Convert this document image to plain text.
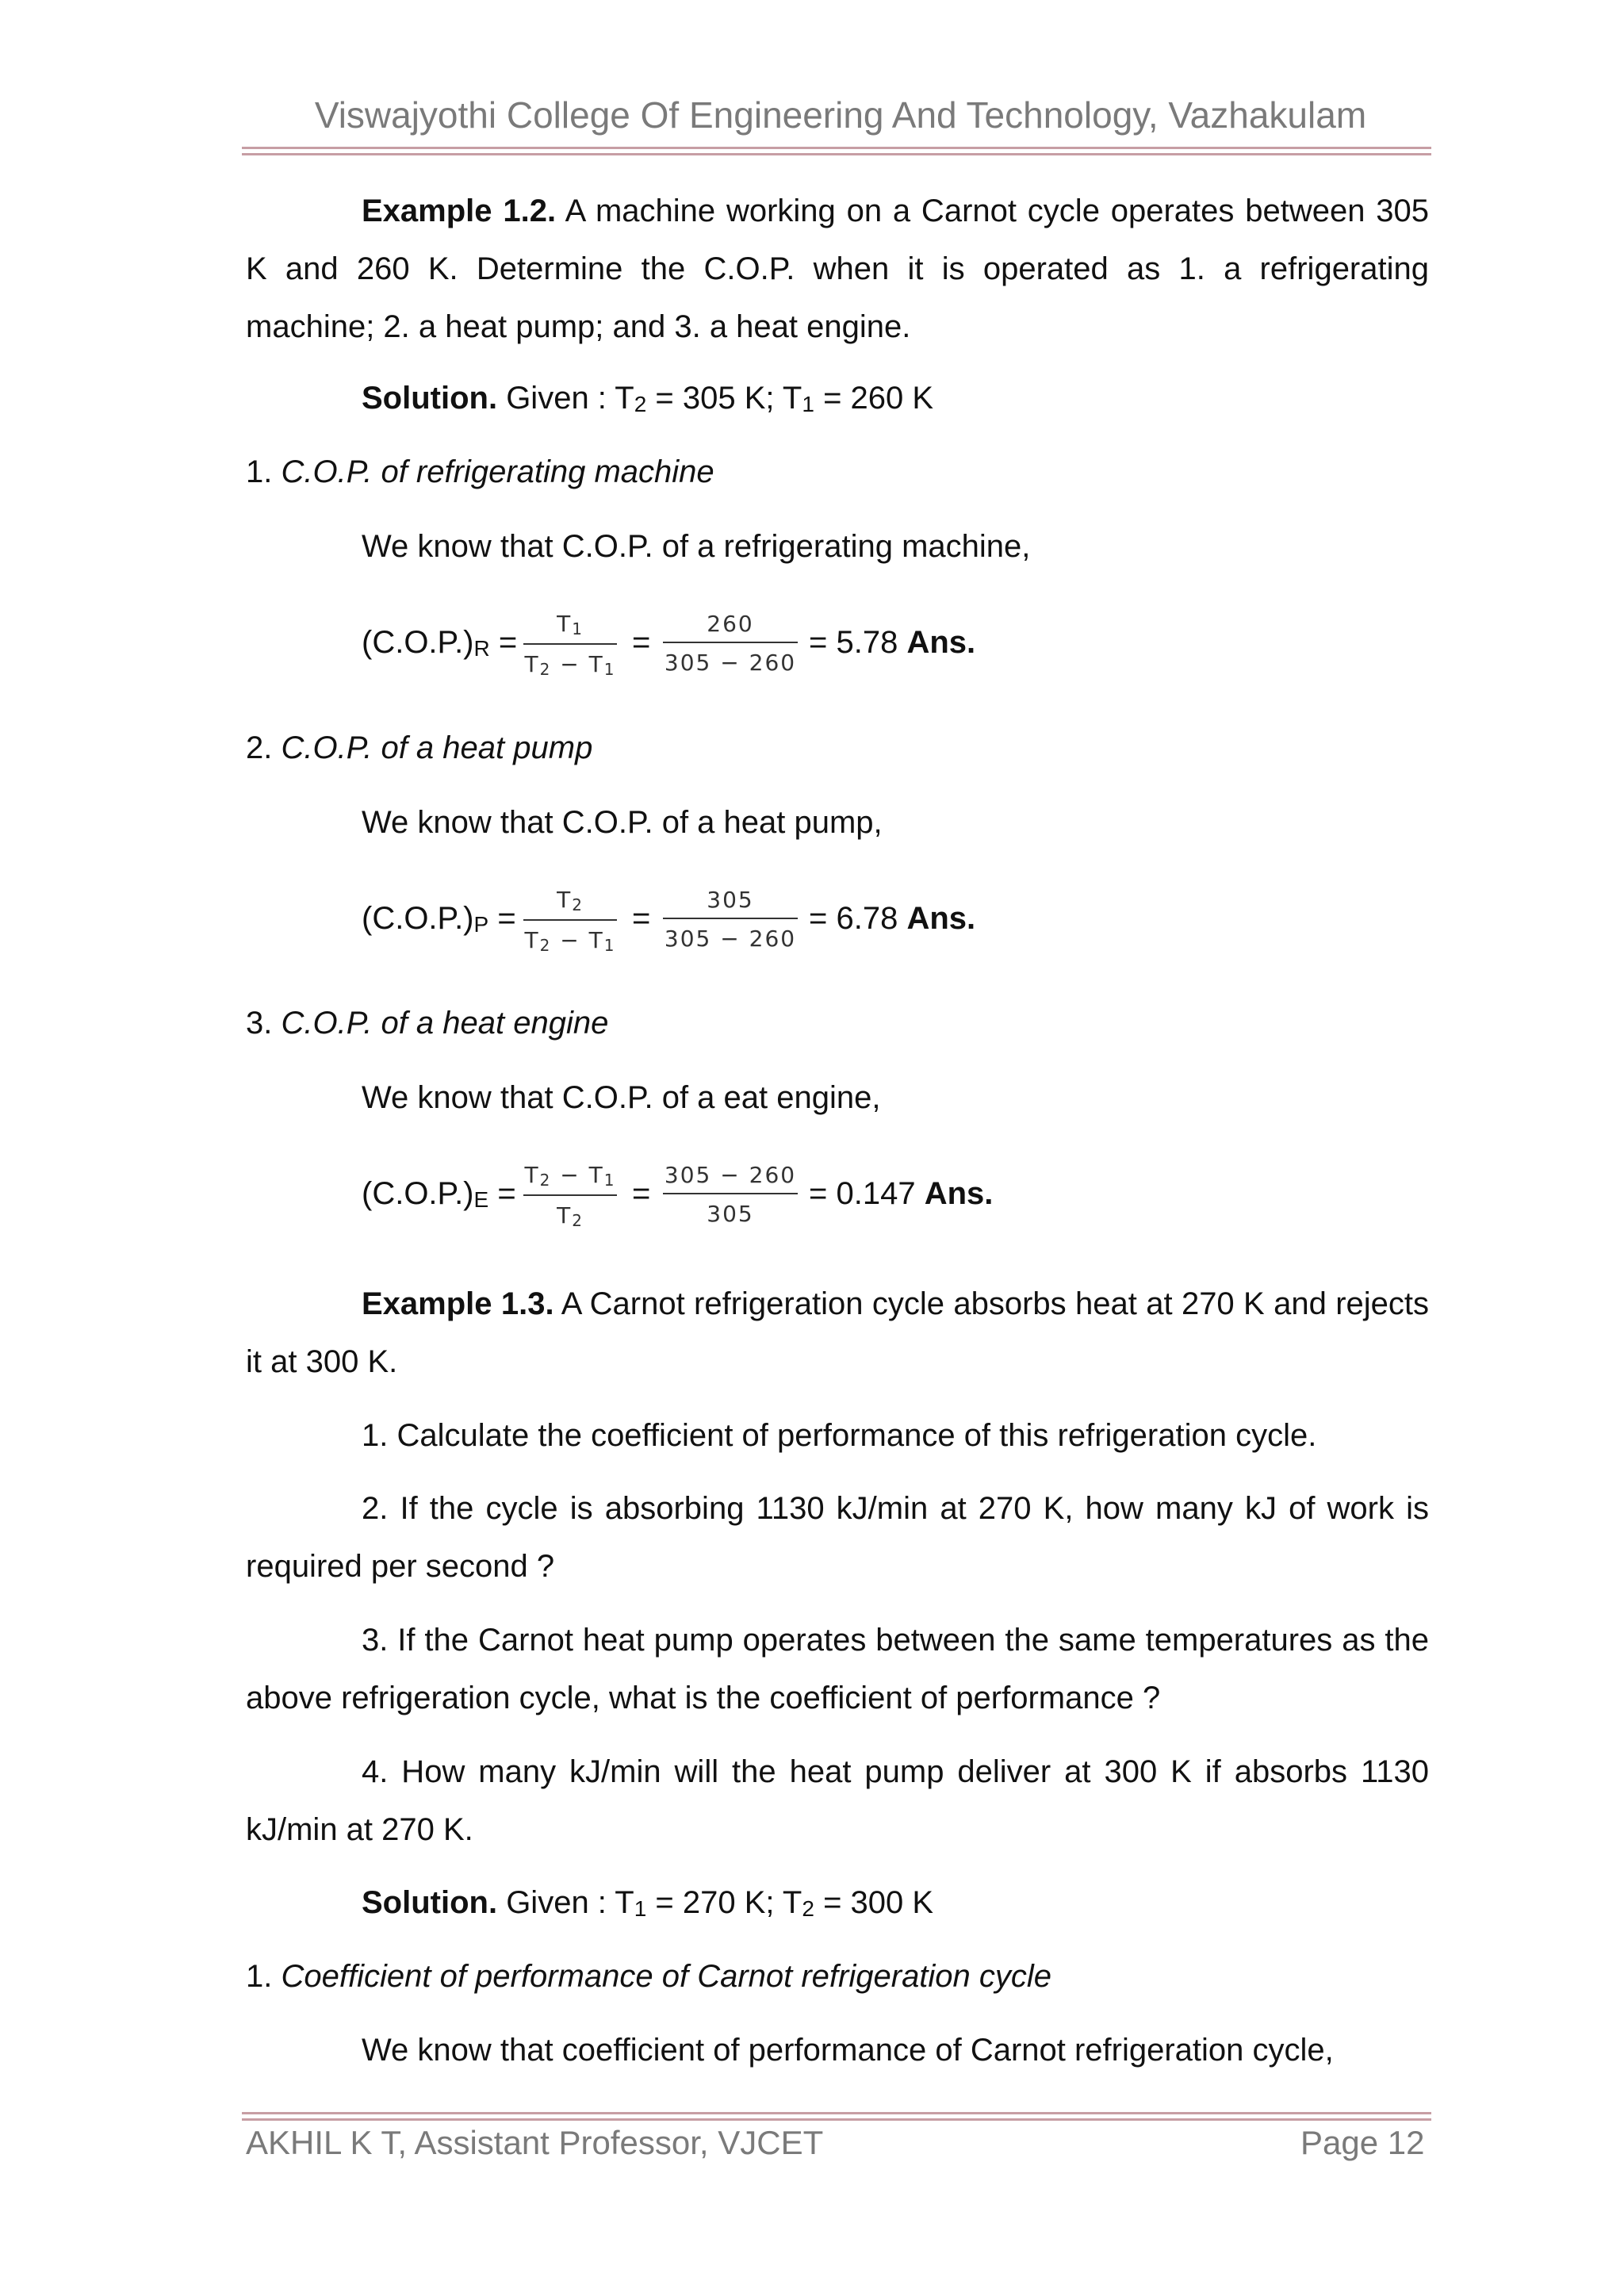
Viswajyothi College Of Engineering And Technology, Vazhakulam
Example 1.2. A machine working on a Carnot cycle operates between 305 K and 260 K. Determine the C.O.P. when it is operated as 1. a refrigerating machine; 2. a heat pump; and 3. a heat engine.
Solution. Given : T2 = 305 K; T1 = 260 K
1. C.O.P. of refrigerating machine
We know that C.O.P. of a refrigerating machine,
(C.O.P.)R =
T1
T2 − T1
=
260
305 − 260
= 5.78 Ans.
2. C.O.P. of a heat pump
We know that C.O.P. of a heat pump,
(C.O.P.)P =
T2
T2 − T1
=
305
305 − 260
= 6.78 Ans.
3. C.O.P. of a heat engine
We know that C.O.P. of a eat engine,
(C.O.P.)E =
T2 − T1
T2
=
305 − 260
305
= 0.147 Ans.
Example 1.3. A Carnot refrigeration cycle absorbs heat at 270 K and rejects it at 300 K.
1. Calculate the coefficient of performance of this refrigeration cycle.
2. If the cycle is absorbing 1130 kJ/min at 270 K, how many kJ of work is required per second ?
3. If the Carnot heat pump operates between the same temperatures as the above refrigeration cycle, what is the coefficient of performance ?
4. How many kJ/min will the heat pump deliver at 300 K if absorbs 1130 kJ/min at 270 K.
Solution. Given : T1 = 270 K; T2 = 300 K
1. Coefficient of performance of Carnot refrigeration cycle
We know that coefficient of performance of Carnot refrigeration cycle,
AKHIL K T, Assistant Professor, VJCET	Page 12
